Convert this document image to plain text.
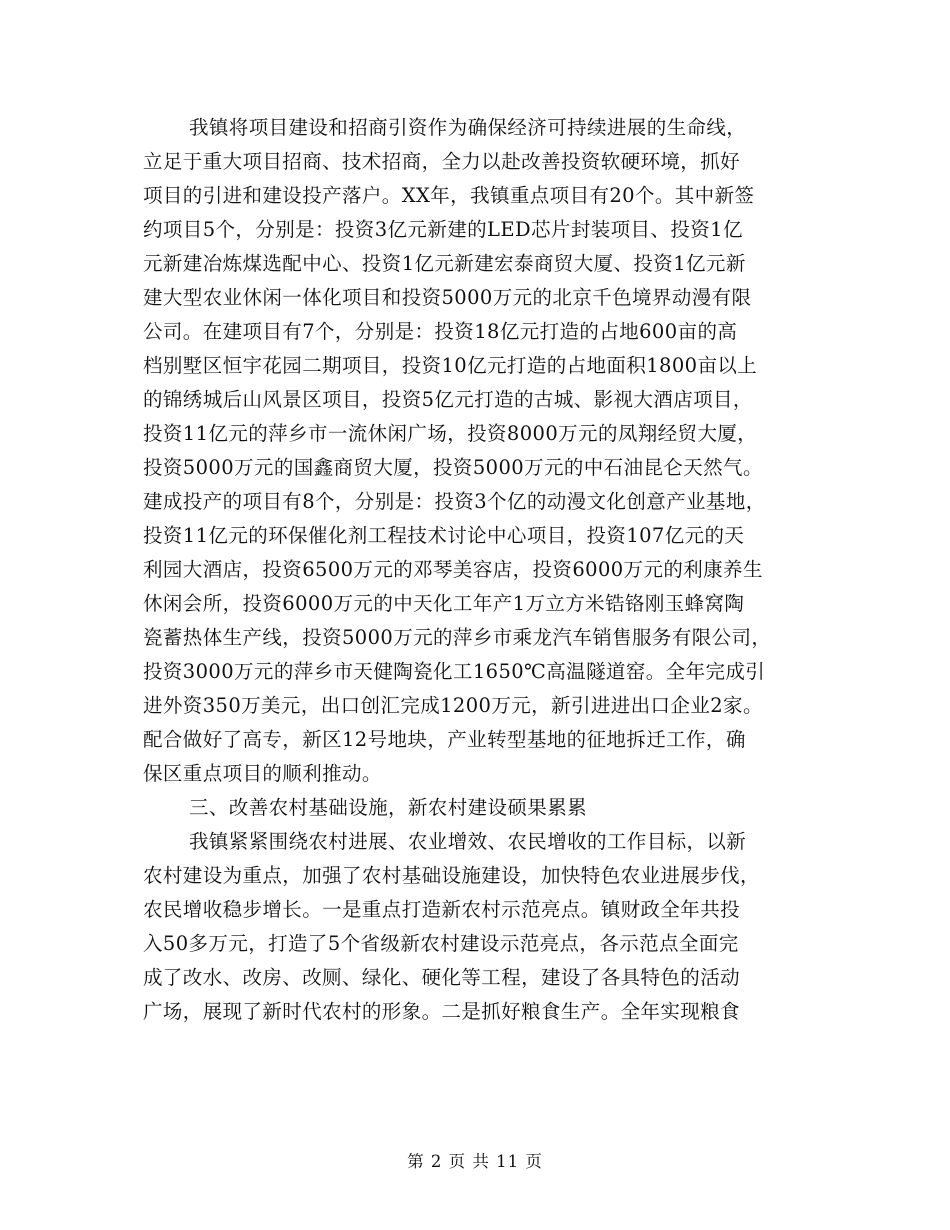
我镇将项目建设和招商引资作为确保经济可持续进展的生命线，
立足于重大项目招商、技术招商，全力以赴改善投资软硬环境，抓好
项目的引进和建设投产落户。XX年，我镇重点项目有20个。其中新签
约项目5个，分别是：投资3亿元新建的LED芯片封装项目、投资1亿
元新建冶炼煤选配中心、投资1亿元新建宏泰商贸大厦、投资1亿元新
建大型农业休闲一体化项目和投资5000万元的北京千色境界动漫有限
公司。在建项目有7个，分别是：投资18亿元打造的占地600亩的高
档别墅区恒宇花园二期项目，投资10亿元打造的占地面积1800亩以上
的锦绣城后山风景区项目，投资5亿元打造的古城、影视大酒店项目，
投资11亿元的萍乡市一流休闲广场，投资8000万元的凤翔经贸大厦，
投资5000万元的国鑫商贸大厦，投资5000万元的中石油昆仑天然气。
建成投产的项目有8个，分别是：投资3个亿的动漫文化创意产业基地，
投资11亿元的环保催化剂工程技术讨论中心项目，投资107亿元的天
利园大酒店，投资6500万元的邓琴美容店，投资6000万元的利康养生
休闲会所，投资6000万元的中天化工年产1万立方米锆铬刚玉蜂窝陶
瓷蓄热体生产线，投资5000万元的萍乡市乘龙汽车销售服务有限公司，
投资3000万元的萍乡市天健陶瓷化工1650℃高温隧道窑。全年完成引
进外资350万美元，出口创汇完成1200万元，新引进进出口企业2家。
配合做好了高专，新区12号地块，产业转型基地的征地拆迁工作，确
保区重点项目的顺利推动。
三、改善农村基础设施，新农村建设硕果累累
我镇紧紧围绕农村进展、农业增效、农民增收的工作目标，以新
农村建设为重点，加强了农村基础设施建设，加快特色农业进展步伐，
农民增收稳步增长。一是重点打造新农村示范亮点。镇财政全年共投
入50多万元，打造了5个省级新农村建设示范亮点，各示范点全面完
成了改水、改房、改厕、绿化、硬化等工程，建设了各具特色的活动
广场，展现了新时代农村的形象。二是抓好粮食生产。全年实现粮食
第 2 页 共 11 页
